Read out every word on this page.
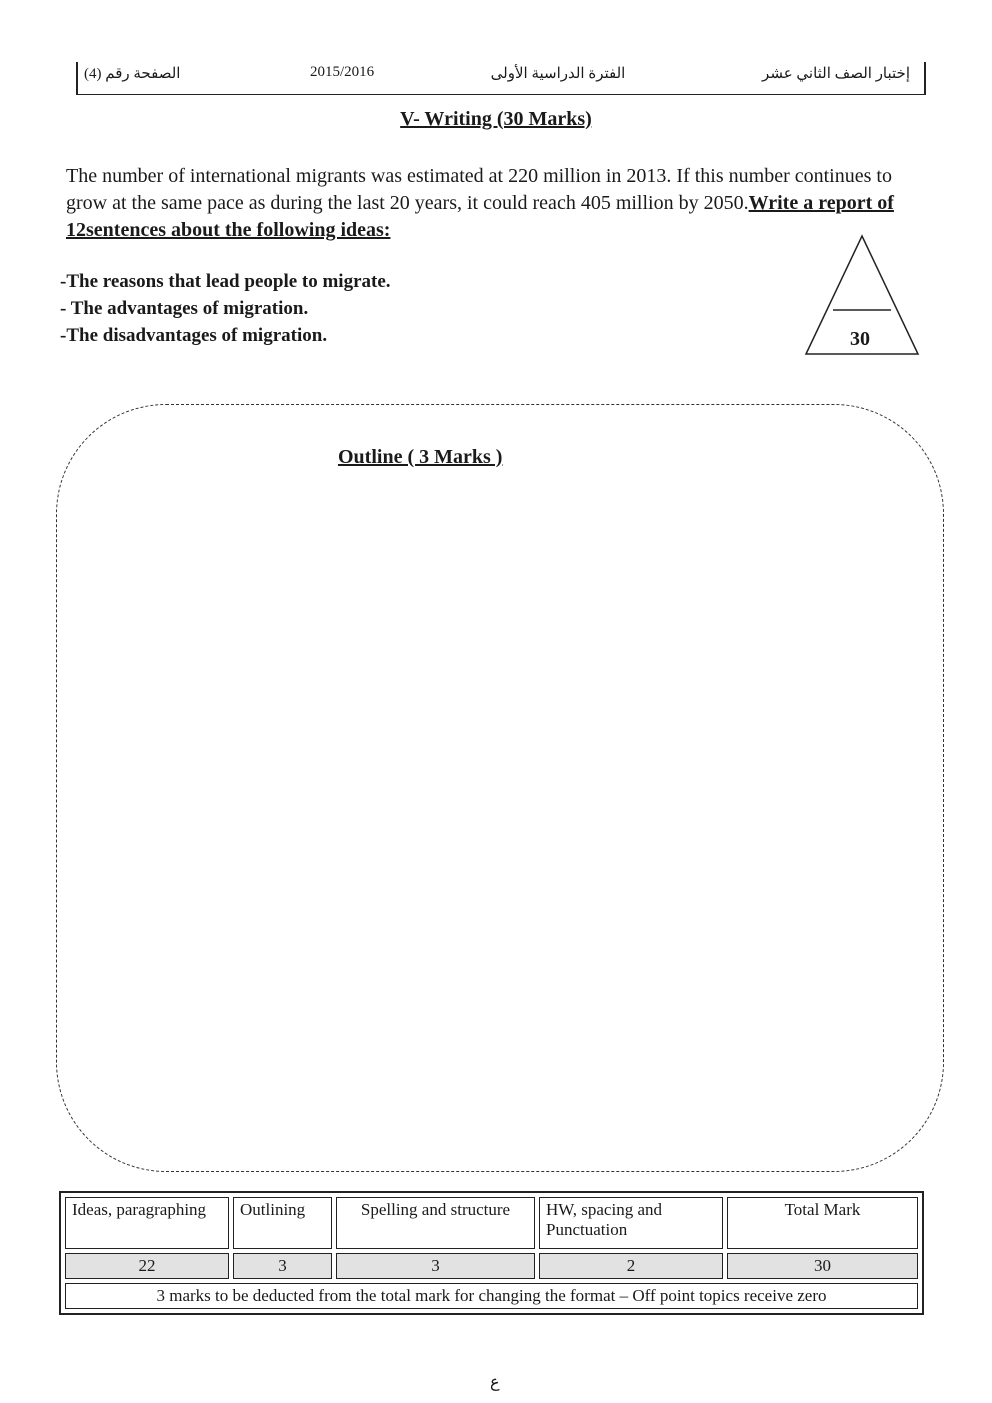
الصفحة رقم (4)	2015/2016	الفترة الدراسية الأولى	إختبار الصف الثاني عشر
V- Writing (30 Marks)
The number of international migrants was estimated at 220 million in 2013. If this number continues to grow at the same pace as during the last 20 years, it could reach 405 million by 2050.Write a report of 12sentences about the following ideas:
-The reasons that lead people to migrate.
- The advantages of migration.
-The disadvantages of migration.	30
Outline ( 3 Marks )
Ideas, paragraphing	Outlining	Spelling and structure	HW, spacing and Punctuation	Total Mark
22	3	3	2	30
3 marks to be deducted from the total mark for changing the format – Off point topics receive zero				
ع
